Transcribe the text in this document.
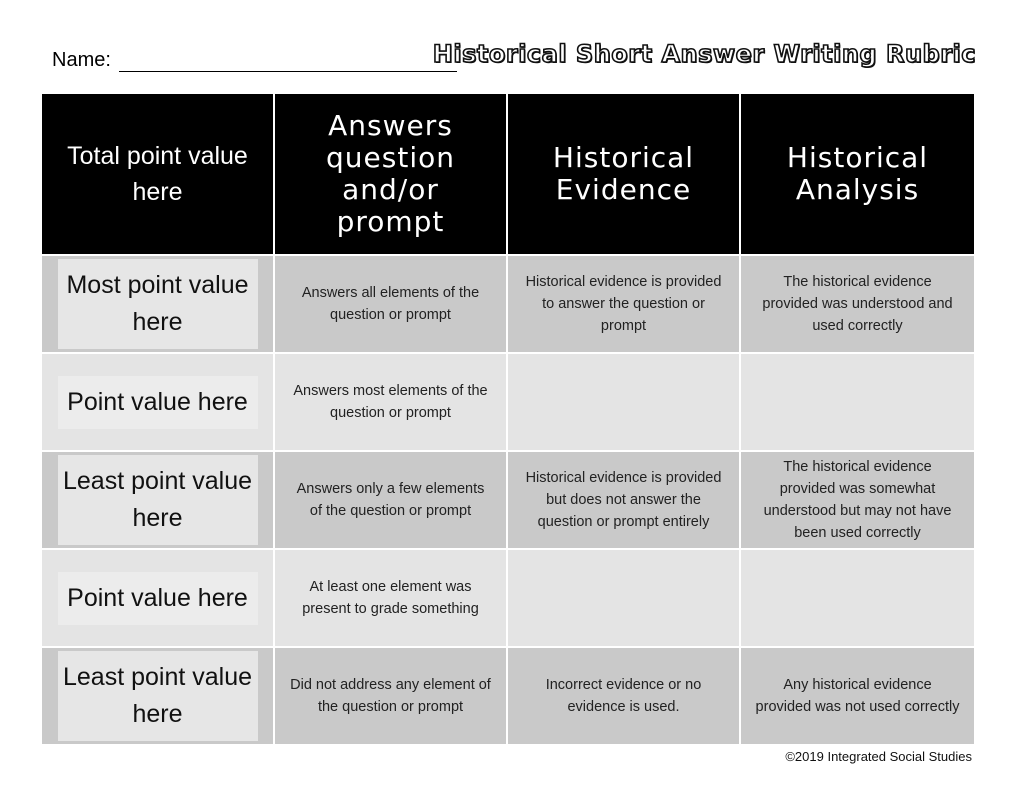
Name:	Historical Short Answer Writing Rubric
Total point value here	Answers question and/or prompt	Historical Evidence	Historical Analysis

Most point value here	Answers all elements of the question or prompt	Historical evidence is provided to answer the question or prompt	The historical evidence provided was understood and used correctly

Point value here	Answers most elements of the question or prompt		

Least point value here	Answers only a few elements of the question or prompt	Historical evidence is provided but does not answer the question or prompt entirely	The historical evidence provided was somewhat understood but may not have been used correctly

Point value here	At least one element was present to grade something		

Least point value here	Did not address any element of the question or prompt	Incorrect evidence or no evidence is used.	Any historical evidence provided was not used correctly
©2019 Integrated Social Studies
